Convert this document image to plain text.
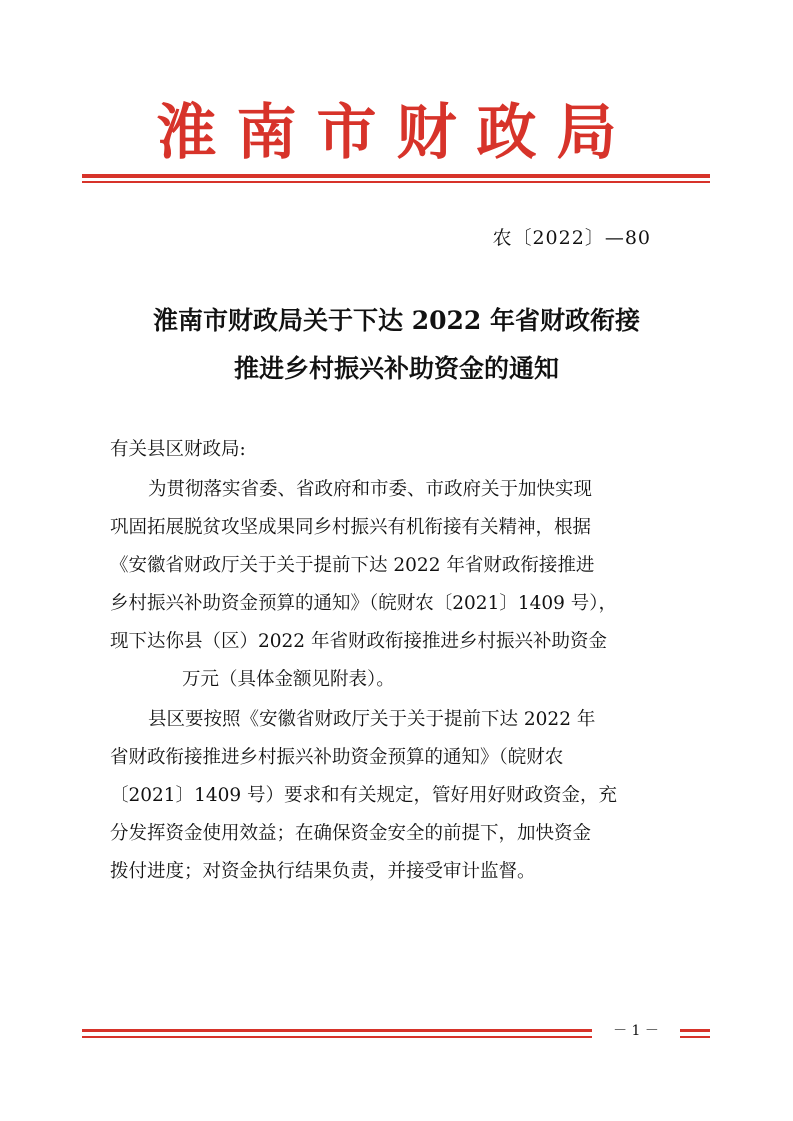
淮南市财政局
农〔2022〕—80
淮南市财政局关于下达 2022 年省财政衔接
推进乡村振兴补助资金的通知
有关县区财政局:
为贯彻落实省委、省政府和市委、市政府关于加快实现
巩固拓展脱贫攻坚成果同乡村振兴有机衔接有关精神，根据
《安徽省财政厅关于关于提前下达 2022 年省财政衔接推进
乡村振兴补助资金预算的通知》（皖财农〔2021〕1409 号），
现下达你县（区）2022 年省财政衔接推进乡村振兴补助资金
万元（具体金额见附表）。
县区要按照《安徽省财政厅关于关于提前下达 2022 年
省财政衔接推进乡村振兴补助资金预算的通知》（皖财农
〔2021〕1409 号）要求和有关规定，管好用好财政资金，充
分发挥资金使用效益；在确保资金安全的前提下，加快资金
拨付进度；对资金执行结果负责，并接受审计监督。
－ 1 －
